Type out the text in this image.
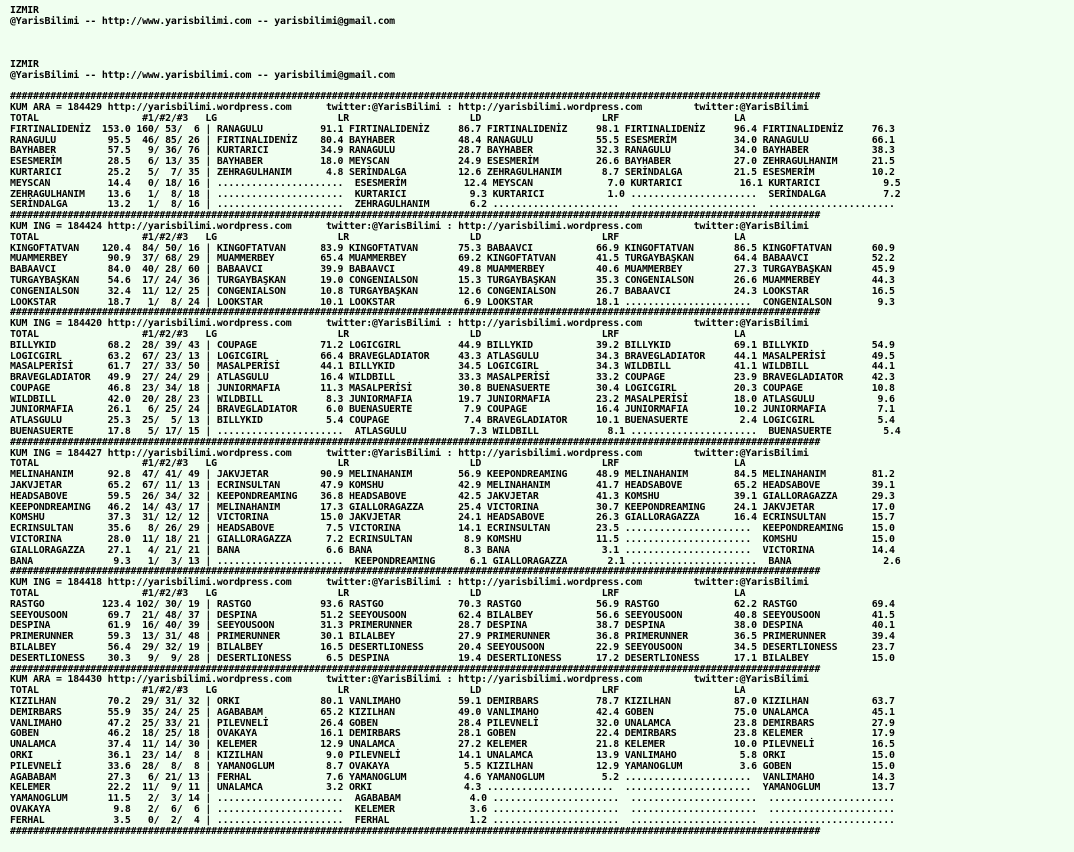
IZMIR
@YarisBilimi -- http://www.yarisbilimi.com -- yarisbilimi@gmail.com

IZMIR
@YarisBilimi -- http://www.yarisbilimi.com -- yarisbilimi@gmail.com

#############################################################################################################################################
KUM ARA = 184429 http://yarisbilimi.wordpress.com      twitter:@YarisBilimi : http://yarisbilimi.wordpress.com         twitter:@YarisBilimi
TOTAL                  #1/#2/#3   LG                     LR                     LD                     LRF                    LA
FIRTINALIDENİZ  153.0 160/ 53/  6 | RANAGULU          91.1 FIRTINALIDENİZ     86.7 FIRTINALIDENİZ     98.1 FIRTINALIDENİZ     96.4 FIRTINALIDENİZ     76.3
RANAGULU         95.5  46/ 85/ 26 | FIRTINALIDENİZ    80.4 BAYHABER           48.4 RANAGULU           55.5 ESESMERİM          34.0 RANAGULU           66.1
BAYHABER         57.5   9/ 36/ 76 | KURTARICI         34.9 RANAGULU           28.7 BAYHABER           32.3 RANAGULU           34.0 BAYHABER           38.3
ESESMERİM        28.5   6/ 13/ 35 | BAYHABER          18.0 MEYSCAN            24.9 ESESMERİM          26.6 BAYHABER           27.0 ZEHRAGULHANIM      21.5
KURTARICI        25.2   5/  7/ 35 | ZEHRAGULHANIM      4.8 SERİNDALGA         12.6 ZEHRAGULHANIM       8.7 SERİNDALGA         21.5 ESESMERİM          10.2
MEYSCAN          14.4   0/ 18/ 16 | ......................  ESESMERİM          12.4 MEYSCAN             7.0 KURTARICI          16.1 KURTARICI           9.5
ZEHRAGULHANIM    13.6   1/  8/ 18 | ......................  KURTARICI           9.3 KURTARICI           1.0 ......................  SERİNDALGA          7.2
SERİNDALGA       13.2   1/  8/ 16 | ......................  ZEHRAGULHANIM       6.2 ......................  ......................  ......................
#############################################################################################################################################
KUM ING = 184424 http://yarisbilimi.wordpress.com      twitter:@YarisBilimi : http://yarisbilimi.wordpress.com         twitter:@YarisBilimi
TOTAL                  #1/#2/#3   LG                     LR                     LD                     LRF                    LA
KINGOFTATVAN    120.4  84/ 50/ 16 | KINGOFTATVAN      83.9 KINGOFTATVAN       75.3 BABAAVCI           66.9 KINGOFTATVAN       86.5 KINGOFTATVAN       60.9
MUAMMERBEY       90.9  37/ 68/ 29 | MUAMMERBEY        65.4 MUAMMERBEY         69.2 KINGOFTATVAN       41.5 TURGAYBAŞKAN       64.4 BABAAVCI           52.2
BABAAVCI         84.0  40/ 28/ 60 | BABAAVCI          39.9 BABAAVCI           49.8 MUAMMERBEY         40.6 MUAMMERBEY         27.3 TURGAYBAŞKAN       45.9
TURGAYBAŞKAN     54.6  17/ 24/ 36 | TURGAYBAŞKAN      19.0 CONGENIALSON       15.3 TURGAYBAŞKAN       35.3 CONGENIALSON       26.6 MUAMMERBEY         44.3
CONGENIALSON     32.4  11/ 12/ 25 | CONGENIALSON      10.8 TURGAYBAŞKAN       12.6 CONGENIALSON       26.7 BABAAVCI           24.3 LOOKSTAR           16.5
LOOKSTAR         18.7   1/  8/ 24 | LOOKSTAR          10.1 LOOKSTAR            6.9 LOOKSTAR           18.1 ......................  CONGENIALSON        9.3
#############################################################################################################################################
KUM ING = 184420 http://yarisbilimi.wordpress.com      twitter:@YarisBilimi : http://yarisbilimi.wordpress.com         twitter:@YarisBilimi
TOTAL                  #1/#2/#3   LG                     LR                     LD                     LRF                    LA
BILLYKID         68.2  28/ 39/ 43 | COUPAGE           71.2 LOGICGIRL          44.9 BILLYKID           39.2 BILLYKID           69.1 BILLYKID           54.9
LOGICGIRL        63.2  67/ 23/ 13 | LOGICGIRL         66.4 BRAVEGLADIATOR     43.3 ATLASGULU          34.3 BRAVEGLADIATOR     44.1 MASALPERİSİ        49.5
MASALPERİSİ      61.7  27/ 33/ 50 | MASALPERİSİ       44.1 BILLYKID           34.5 LOGICGIRL          34.3 WILDBILL           41.1 WILDBILL           44.1
BRAVEGLADIATOR   49.9  27/ 24/ 29 | ATLASGULU         16.4 WILDBILL           33.3 MASALPERİSİ        33.2 COUPAGE            23.9 BRAVEGLADIATOR     42.3
COUPAGE          46.8  23/ 34/ 18 | JUNIORMAFIA       11.3 MASALPERİSİ        30.8 BUENASUERTE        30.4 LOGICGIRL          20.3 COUPAGE            10.8
WILDBILL         42.0  20/ 28/ 23 | WILDBILL           8.3 JUNIORMAFIA        19.7 JUNIORMAFIA        23.2 MASALPERİSİ        18.0 ATLASGULU           9.6
JUNIORMAFIA      26.1   6/ 25/ 24 | BRAVEGLADIATOR     6.0 BUENASUERTE         7.9 COUPAGE            16.4 JUNIORMAFIA        10.2 JUNIORMAFIA         7.1
ATLASGULU        25.3  25/  5/ 13 | BILLYKID           5.4 COUPAGE             7.4 BRAVEGLADIATOR     10.1 BUENASUERTE         2.4 LOGICGIRL           5.4
BUENASUERTE      17.8   5/ 17/ 15 | ......................  ATLASGULU           7.3 WILDBILL            8.1 ......................  BUENASUERTE         5.4
#############################################################################################################################################
KUM ING = 184427 http://yarisbilimi.wordpress.com      twitter:@YarisBilimi : http://yarisbilimi.wordpress.com         twitter:@YarisBilimi
TOTAL                  #1/#2/#3   LG                     LR                     LD                     LRF                    LA
MELINAHANIM      92.8  47/ 41/ 49 | JAKVJETAR         90.9 MELINAHANIM        56.9 KEEPONDREAMING     48.9 MELINAHANIM        84.5 MELINAHANIM        81.2
JAKVJETAR        65.2  67/ 11/ 13 | ECRINSULTAN       47.9 KOMSHU             42.9 MELINAHANIM        41.7 HEADSABOVE         65.2 HEADSABOVE         39.1
HEADSABOVE       59.5  26/ 34/ 32 | KEEPONDREAMING    36.8 HEADSABOVE         42.5 JAKVJETAR          41.3 KOMSHU             39.1 GIALLORAGAZZA      29.3
KEEPONDREAMING   46.2  14/ 43/ 17 | MELINAHANIM       17.3 GIALLORAGAZZA      25.4 VICTORINA          30.7 KEEPONDREAMING     24.1 JAKVJETAR          17.0
KOMSHU           37.3  31/ 12/ 12 | VICTORINA         15.0 JAKVJETAR          24.1 HEADSABOVE         26.3 GIALLORAGAZZA      16.4 ECRINSULTAN        15.7
ECRINSULTAN      35.6   8/ 26/ 29 | HEADSABOVE         7.5 VICTORINA          14.1 ECRINSULTAN        23.5 ......................  KEEPONDREAMING     15.0
VICTORINA        28.0  11/ 18/ 21 | GIALLORAGAZZA      7.2 ECRINSULTAN         8.9 KOMSHU             11.5 ......................  KOMSHU             15.0
GIALLORAGAZZA    27.1   4/ 21/ 21 | BANA               6.6 BANA                8.3 BANA                3.1 ......................  VICTORINA          14.4
BANA              9.3   1/  3/ 13 | ......................  KEEPONDREAMING      6.1 GIALLORAGAZZA       2.1 ......................  BANA                2.6
#############################################################################################################################################
KUM ING = 184418 http://yarisbilimi.wordpress.com      twitter:@YarisBilimi : http://yarisbilimi.wordpress.com         twitter:@YarisBilimi
TOTAL                  #1/#2/#3   LG                     LR                     LD                     LRF                    LA
RASTGO          123.4 102/ 30/ 19 | RASTGO            93.6 RASTGO             70.3 RASTGO             56.9 RASTGO             62.2 RASTGO             69.4
SEEYOUSOON       69.7  21/ 48/ 37 | DESPINA           51.2 SEEYOUSOON         62.4 BILALBEY           56.6 SEEYOUSOON         40.8 SEEYOUSOON         41.5
DESPINA          61.9  16/ 40/ 39 | SEEYOUSOON        31.3 PRIMERUNNER        28.7 DESPINA            38.7 DESPINA            38.0 DESPINA            40.1
PRIMERUNNER      59.3  13/ 31/ 48 | PRIMERUNNER       30.1 BILALBEY           27.9 PRIMERUNNER        36.8 PRIMERUNNER        36.5 PRIMERUNNER        39.4
BILALBEY         56.4  29/ 32/ 19 | BILALBEY          16.5 DESERTLIONESS      20.4 SEEYOUSOON         22.9 SEEYOUSOON         34.5 DESERTLIONESS      23.7
DESERTLIONESS    30.3   9/  9/ 28 | DESERTLIONESS      6.5 DESPINA            19.4 DESERTLIONESS      17.2 DESERTLIONESS      17.1 BILALBEY           15.0
#############################################################################################################################################
KUM ARA = 184430 http://yarisbilimi.wordpress.com      twitter:@YarisBilimi : http://yarisbilimi.wordpress.com         twitter:@YarisBilimi
TOTAL                  #1/#2/#3   LG                     LR                     LD                     LRF                    LA
KIZILHAN         70.2  29/ 31/ 32 | ORKI              80.1 VANLIMAHO          59.1 DEMIRBARS          78.7 KIZILHAN           87.0 KIZILHAN           63.7
DEMIRBARS        55.9  35/ 24/ 25 | AGABABAM          65.2 KIZILHAN           49.0 VANLIMAHO          42.4 GOBEN              75.0 UNALAMCA           45.1
VANLIMAHO        47.2  25/ 33/ 21 | PILEVNELİ         26.4 GOBEN              28.4 PILEVNELİ          32.0 UNALAMCA           23.8 DEMIRBARS          27.9
GOBEN            46.2  18/ 25/ 18 | OVAKAYA           16.1 DEMIRBARS          28.1 GOBEN              22.4 DEMIRBARS          23.8 KELEMER            17.9
UNALAMCA         37.4  11/ 14/ 30 | KELEMER           12.9 UNALAMCA           27.2 KELEMER            21.8 KELEMER            10.0 PILEVNELİ          16.5
ORKI             36.1  23/ 14/  8 | KIZILHAN           9.0 PILEVNELİ          14.1 UNALAMCA           13.9 VANLIMAHO           5.8 ORKI               15.0
PILEVNELİ        33.6  28/  8/  8 | YAMANOGLUM         8.7 OVAKAYA             5.5 KIZILHAN           12.9 YAMANOGLUM          3.6 GOBEN              15.0
AGABABAM         27.3   6/ 21/ 13 | FERHAL             7.6 YAMANOGLUM          4.6 YAMANOGLUM          5.2 ......................  VANLIMAHO          14.3
KELEMER          22.2  11/  9/ 11 | UNALAMCA           3.2 ORKI                4.3 ......................  ......................  YAMANOGLUM         13.7
YAMANOGLUM       11.5   2/  3/ 14 | ......................  AGABABAM            4.0 ......................  ......................  ......................
OVAKAYA           9.8   2/  6/  6 | ......................  KELEMER             3.6 ......................  ......................  ......................
FERHAL            3.5   0/  2/  4 | ......................  FERHAL              1.2 ......................  ......................  ......................
#############################################################################################################################################
